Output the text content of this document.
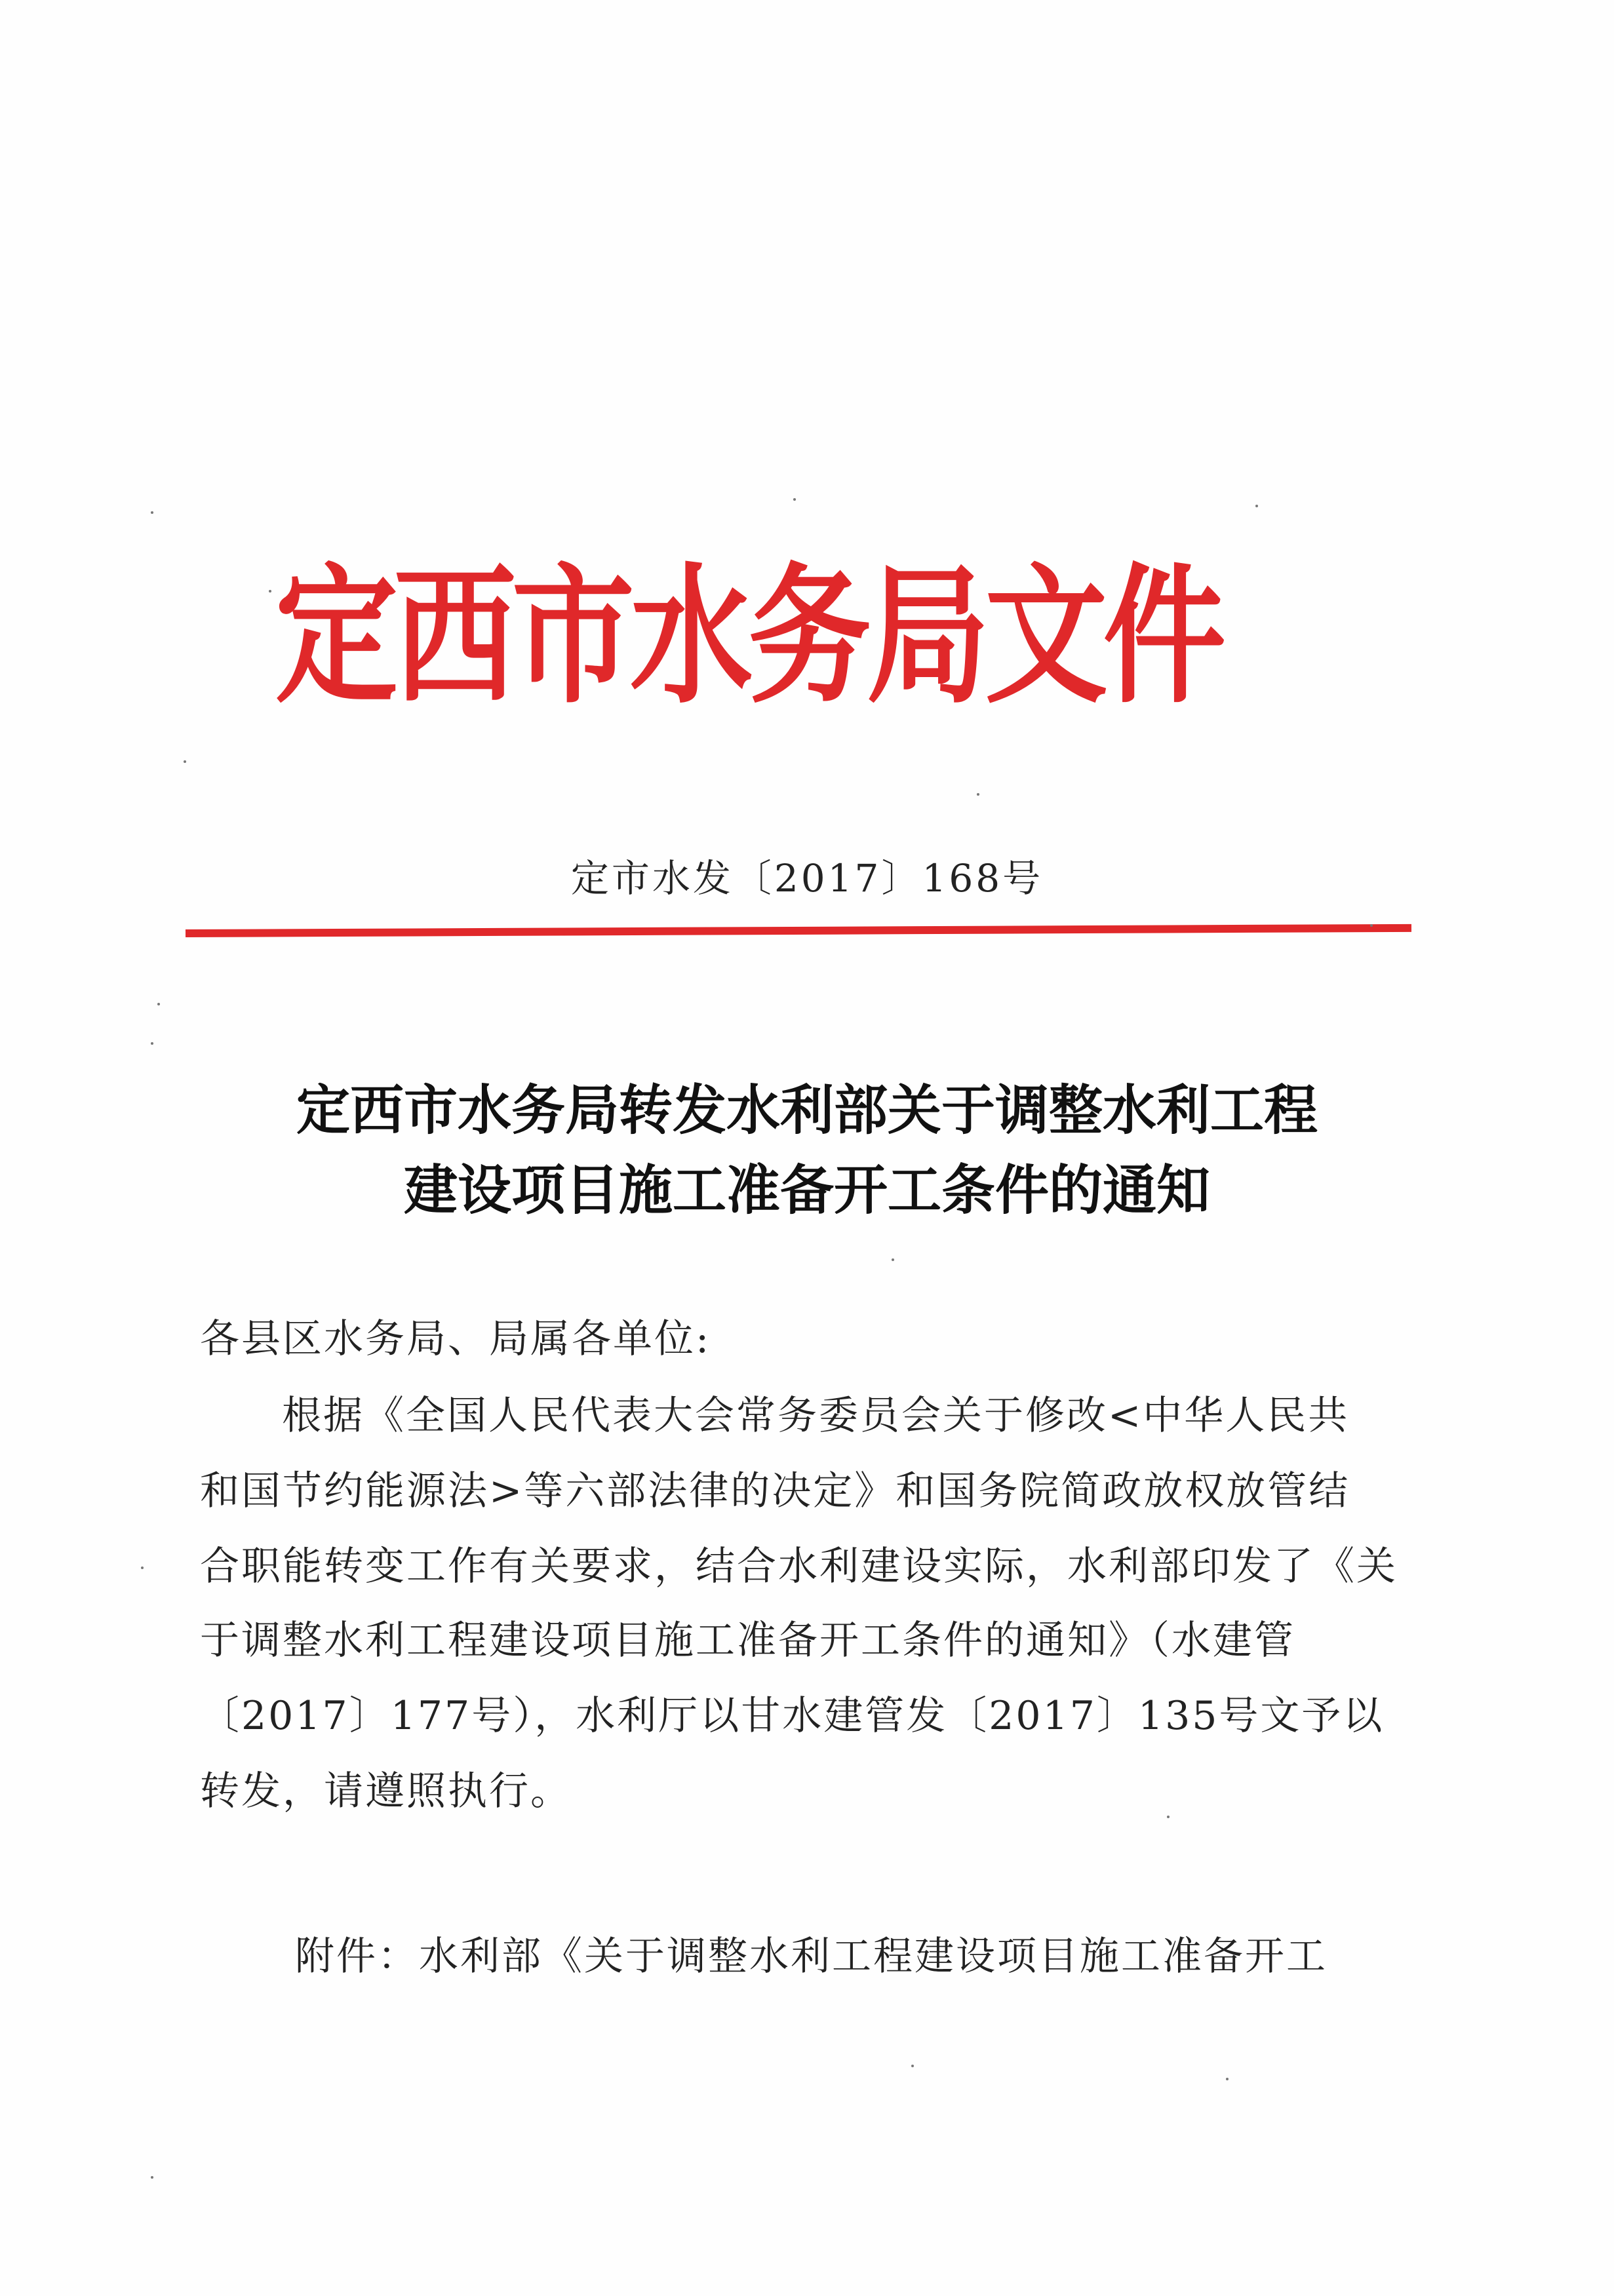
定西市水务局文件
定市水发〔2017〕168号
定西市水务局转发水利部关于调整水利工程
建设项目施工准备开工条件的通知
各县区水务局、局属各单位:
根据《全国人民代表大会常务委员会关于修改<中华人民共
和国节约能源法>等六部法律的决定》和国务院简政放权放管结
合职能转变工作有关要求，结合水利建设实际，水利部印发了《关
于调整水利工程建设项目施工准备开工条件的通知》（水建管
〔2017〕177号），水利厅以甘水建管发〔2017〕135号文予以
转发，请遵照执行。
附件：水利部《关于调整水利工程建设项目施工准备开工
